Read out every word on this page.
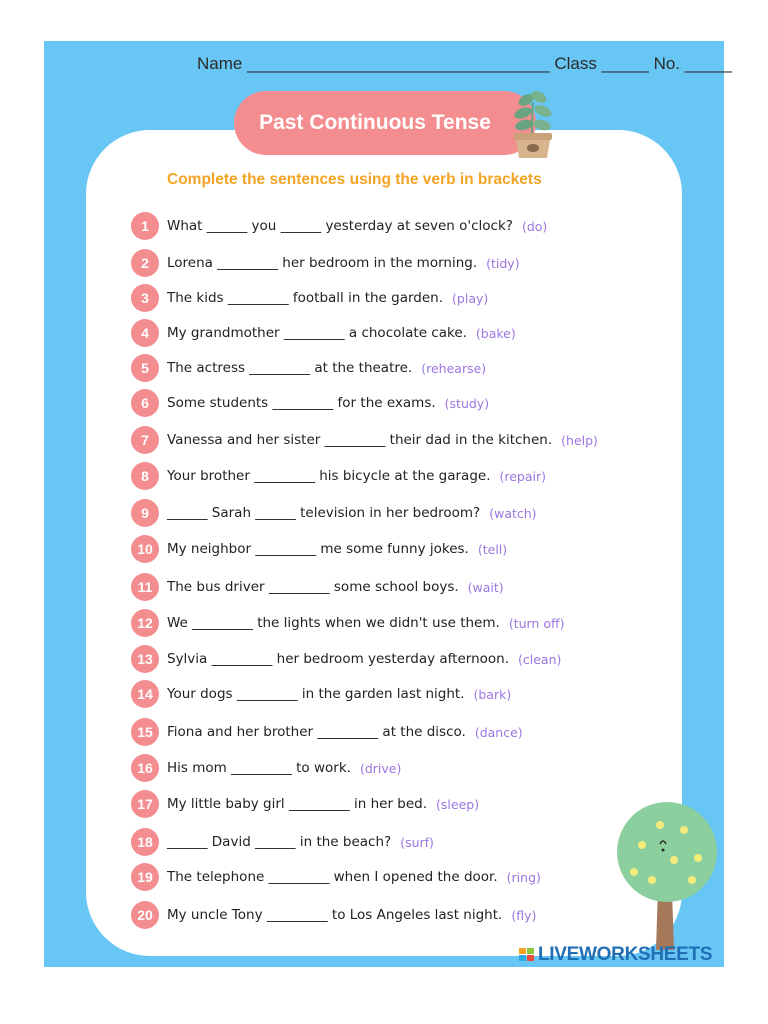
Name ________________________________ Class _____ No. _____
Past Continuous Tense
Complete the sentences using the verb in brackets
1	What ______ you ______ yesterday at seven o'clock? (do)
2	Lorena _________ her bedroom in the morning. (tidy)
3	The kids _________ football in the garden. (play)
4	My grandmother _________ a chocolate cake. (bake)
5	The actress _________ at the theatre. (rehearse)
6	Some students _________ for the exams. (study)
7	Vanessa and her sister _________ their dad in the kitchen. (help)
8	Your brother _________ his bicycle at the garage. (repair)
9	______ Sarah ______ television in her bedroom? (watch)
10	My neighbor _________ me some funny jokes. (tell)
11	The bus driver _________ some school boys. (wait)
12	We _________ the lights when we didn't use them. (turn off)
13	Sylvia _________ her bedroom yesterday afternoon. (clean)
14	Your dogs _________ in the garden last night. (bark)
15	Fiona and her brother _________ at the disco. (dance)
16	His mom _________ to work. (drive)
17	My little baby girl _________ in her bed. (sleep)
18	______ David ______ in the beach? (surf)
19	The telephone _________ when I opened the door. (ring)
20	My uncle Tony _________ to Los Angeles last night. (fly)
LIVEWORKSHEETS
